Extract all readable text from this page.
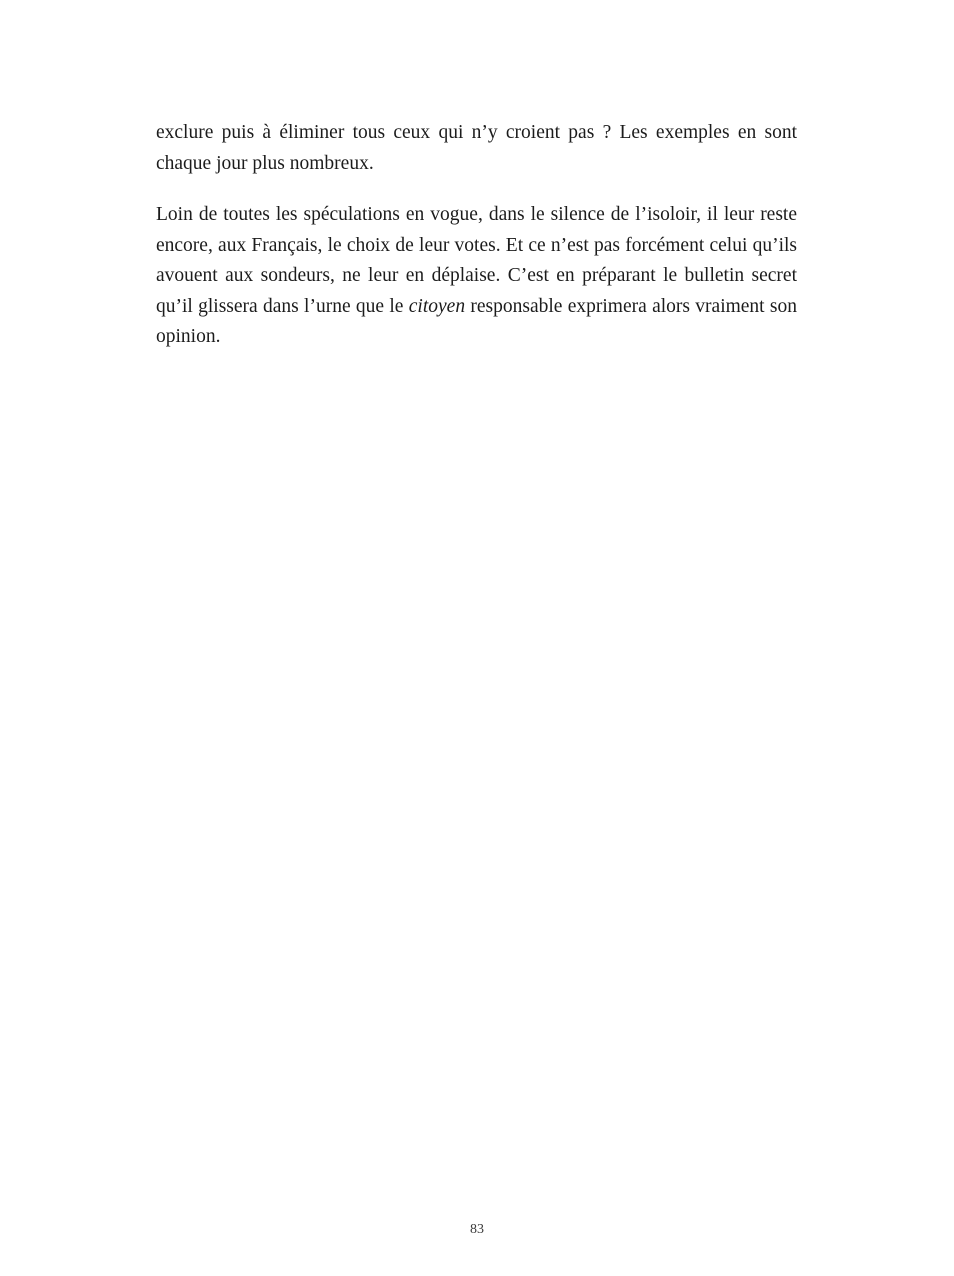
exclure puis à éliminer tous ceux qui n’y croient pas ? Les exemples en sont chaque jour plus nombreux.

Loin de toutes les spéculations en vogue, dans le silence de l’isoloir, il leur reste encore, aux Français, le choix de leur votes. Et ce n’est pas forcément celui qu’ils avouent aux sondeurs, ne leur en déplaise. C’est en préparant le bulletin secret qu’il glissera dans l’urne que le citoyen responsable exprimera alors vraiment son opinion.

83
